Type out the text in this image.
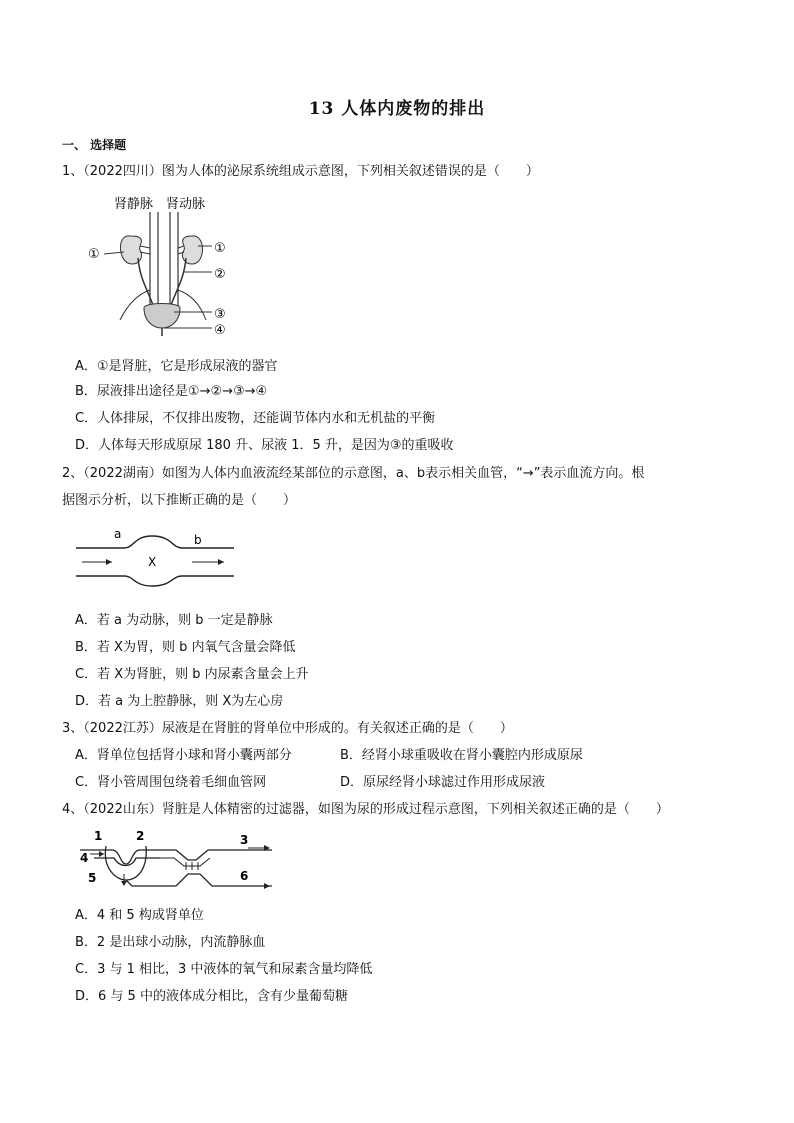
13 人体内废物的排出
一、 选择题
1、（2022四川）图为人体的泌尿系统组成示意图，下列相关叙述错误的是（　　）
肾静脉 肾动脉
①	①
②
③
④
A．①是肾脏，它是形成尿液的器官
B．尿液排出途径是①→②→③→④
C．人体排尿，不仅排出废物，还能调节体内水和无机盐的平衡
D．人体每天形成原尿 180 升、尿液 1．5 升，是因为③的重吸收
2、（2022湖南）如图为人体内血液流经某部位的示意图，a、b表示相关血管，“→”表示血流方向。根
据图示分析，以下推断正确的是（　　）
a	b
X
A．若 a 为动脉，则 b 一定是静脉
B．若 X为胃，则 b 内氧气含量会降低
C．若 X为肾脏，则 b 内尿素含量会上升
D．若 a 为上腔静脉，则 X为左心房
3、（2022江苏）尿液是在肾脏的肾单位中形成的。有关叙述正确的是（　　）
A．肾单位包括肾小球和肾小囊两部分	B．经肾小球重吸收在肾小囊腔内形成原尿
C．肾小管周围包绕着毛细血管网	D．原尿经肾小球滤过作用形成尿液
4、（2022山东）肾脏是人体精密的过滤器，如图为尿的形成过程示意图，下列相关叙述正确的是（　　）
1	2
4
5
3
6
A．4 和 5 构成肾单位
B．2 是出球小动脉，内流静脉血
C．3 与 1 相比，3 中液体的氧气和尿素含量均降低
D．6 与 5 中的液体成分相比，含有少量葡萄糖
